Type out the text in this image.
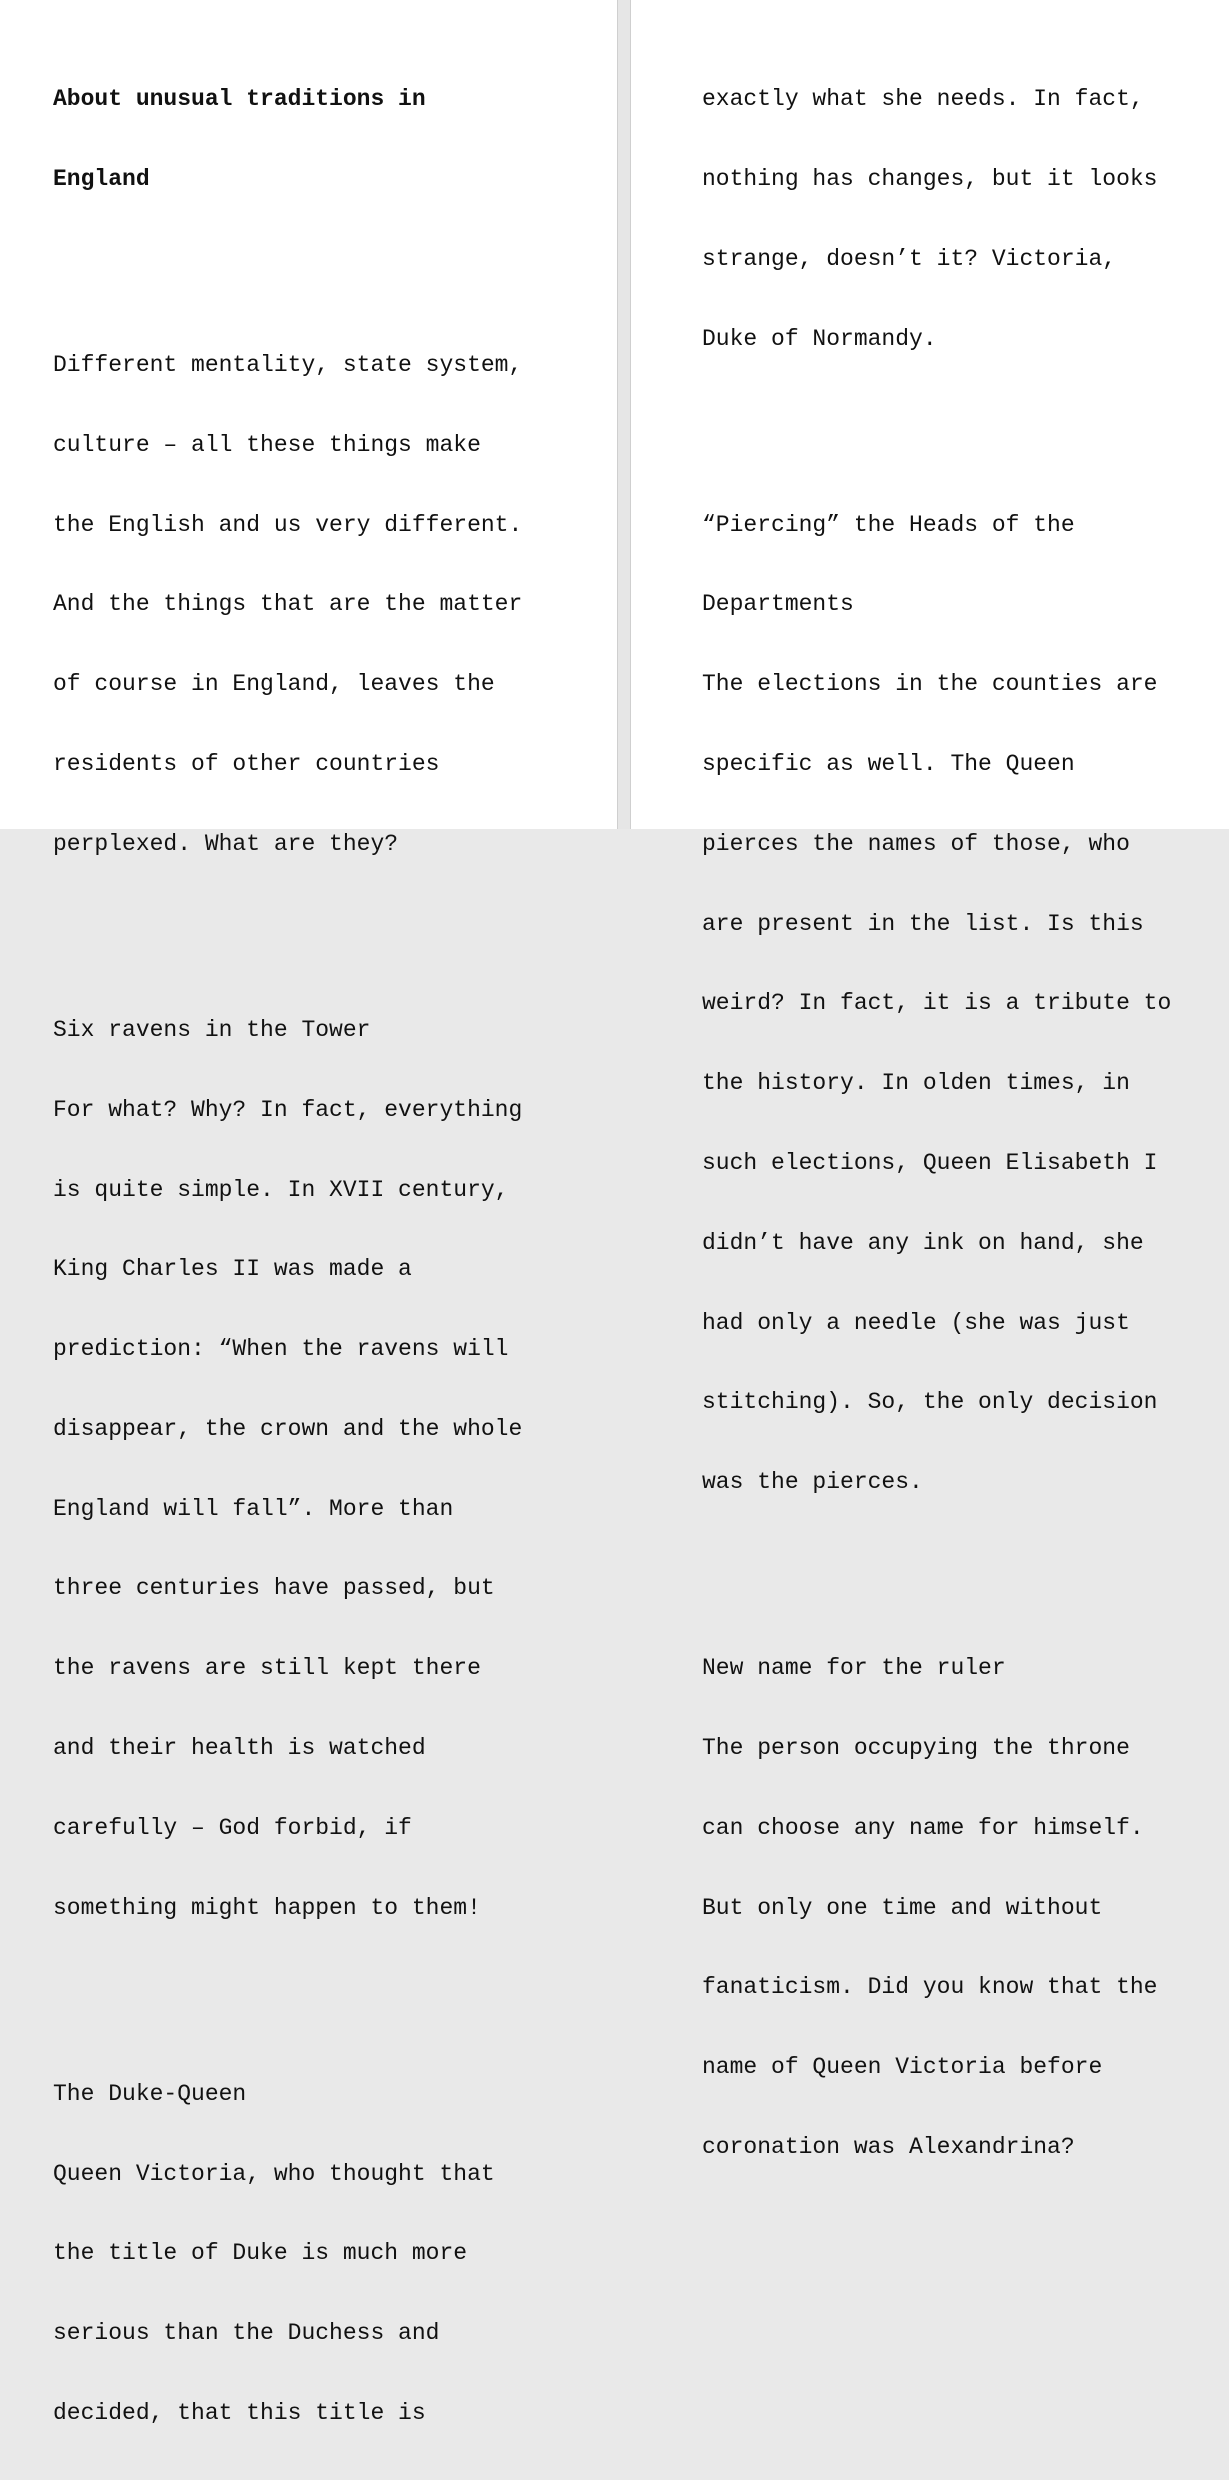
About unusual traditions in

England

Different mentality, state system,

culture – all these things make

the English and us very different.

And the things that are the matter

of course in England, leaves the

residents of other countries

perplexed. What are they?

Six ravens in the Tower

For what? Why? In fact, everything

is quite simple. In XVII century,

King Charles II was made a

prediction: “When the ravens will

disappear, the crown and the whole

England will fall”. More than

three centuries have passed, but

the ravens are still kept there

and their health is watched

carefully – God forbid, if

something might happen to them!

The Duke-Queen

Queen Victoria, who thought that

the title of Duke is much more

serious than the Duchess and

decided, that this title is

exactly what she needs. In fact,

nothing has changes, but it looks

strange, doesn’t it? Victoria,

Duke of Normandy.

“Piercing” the Heads of the

Departments

The elections in the counties are

specific as well. The Queen

pierces the names of those, who

are present in the list. Is this

weird? In fact, it is a tribute to

the history. In olden times, in

such elections, Queen Elisabeth I

didn’t have any ink on hand, she

had only a needle (she was just

stitching). So, the only decision

was the pierces.

New name for the ruler

The person occupying the throne

can choose any name for himself.

But only one time and without

fanaticism. Did you know that the

name of Queen Victoria before

coronation was Alexandrina?
